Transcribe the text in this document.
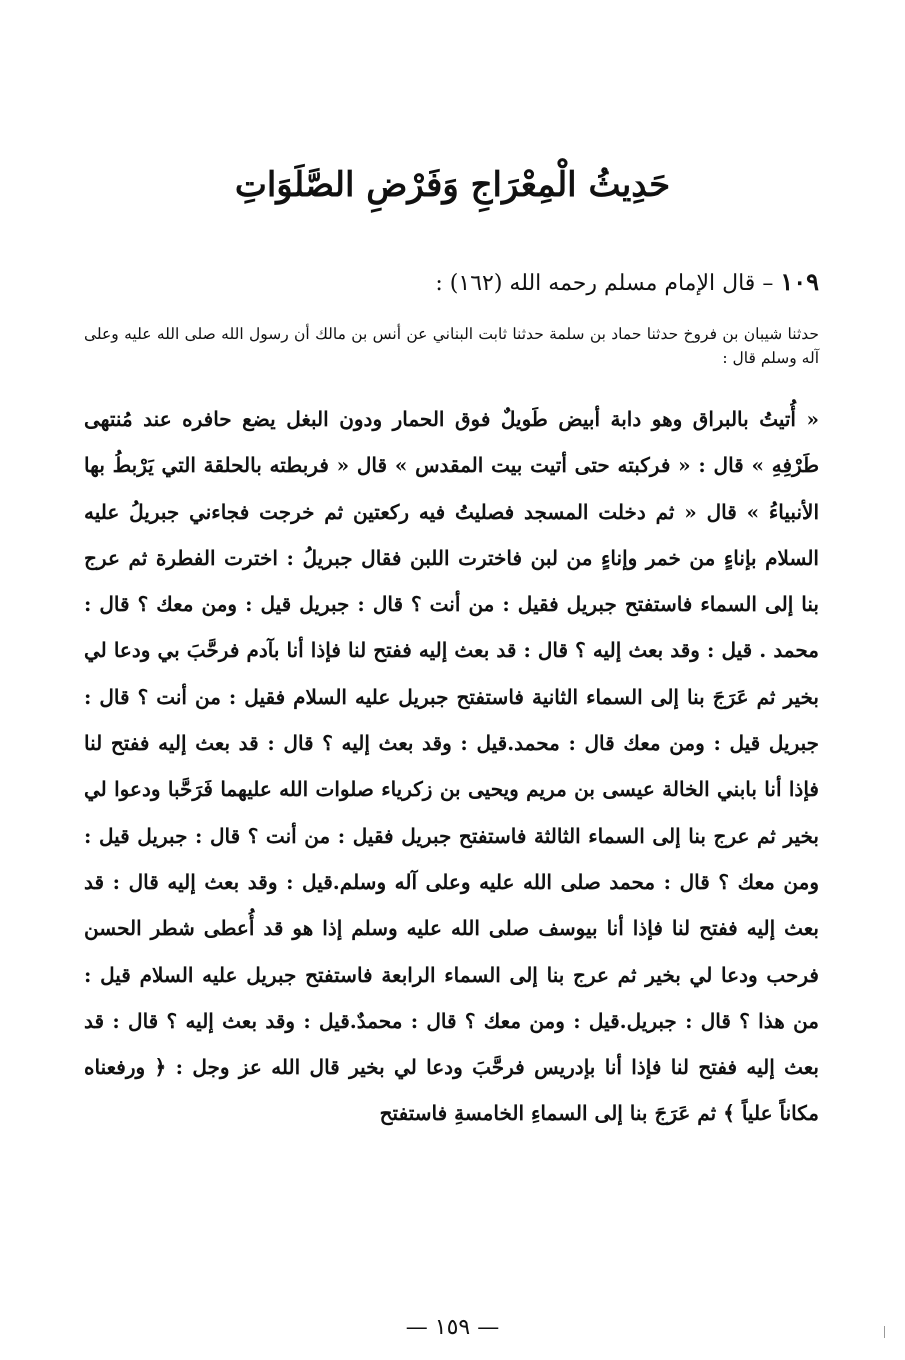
حَدِيثُ الْمِعْرَاجِ وَفَرْضِ الصَّلَوَاتِ
١٠٩ – قال الإمام مسلم رحمه الله (١٦٢) :
حدثنا شيبان بن فروخ حدثنا حماد بن سلمة حدثنا ثابت البناني عن أنس بن مالك أن رسول الله صلى الله عليه وعلى آله وسلم قال :
« أُتيتُ بالبراق وهو دابة أبيض طَويلٌ فوق الحمار ودون البغل يضع حافره عند مُنتهى طَرْفِهِ » قال : « فركبته حتى أتيت بيت المقدس » قال « فربطته بالحلقة التي يَرْبطُ بها الأنبياءُ » قال « ثم دخلت المسجد فصليتُ فيه ركعتين ثم خرجت فجاءني جبريلُ عليه السلام بإناءٍ من خمر وإناءٍ من لبن فاخترت اللبن فقال جبريلُ : اخترت الفطرة ثم عرج بنا إلى السماء فاستفتح جبريل فقيل : من أنت ؟ قال : جبريل قيل : ومن معك ؟ قال : محمد . قيل : وقد بعث إليه ؟ قال : قد بعث إليه ففتح لنا فإذا أنا بآدم فرحَّبَ بي ودعا لي بخير ثم عَرَجَ بنا إلى السماء الثانية فاستفتح جبريل عليه السلام فقيل : من أنت ؟ قال : جبريل قيل : ومن معك قال : محمد.قيل : وقد بعث إليه ؟ قال : قد بعث إليه ففتح لنا فإذا أنا بابني الخالة عيسى بن مريم ويحيى بن زكرياء صلوات الله عليهما فَرَحَّبا ودعوا لي بخير ثم عرج بنا إلى السماء الثالثة فاستفتح جبريل فقيل : من أنت ؟ قال : جبريل قيل : ومن معك ؟ قال : محمد صلى الله عليه وعلى آله وسلم.قيل : وقد بعث إليه قال : قد بعث إليه ففتح لنا فإذا أنا بيوسف صلى الله عليه وسلم إذا هو قد أُعطى شطر الحسن فرحب ودعا لي بخير ثم عرج بنا إلى السماء الرابعة فاستفتح جبريل عليه السلام قيل : من هذا ؟ قال : جبريل.قيل : ومن معك ؟ قال : محمدٌ.قيل : وقد بعث إليه ؟ قال : قد بعث إليه ففتح لنا فإذا أنا بإدريس فرحَّبَ ودعا لي بخير قال الله عز وجل : ﴿ ورفعناه مكاناً علياً ﴾ ثم عَرَجَ بنا إلى السماءِ الخامسةِ فاستفتح
— ١٥٩ —
